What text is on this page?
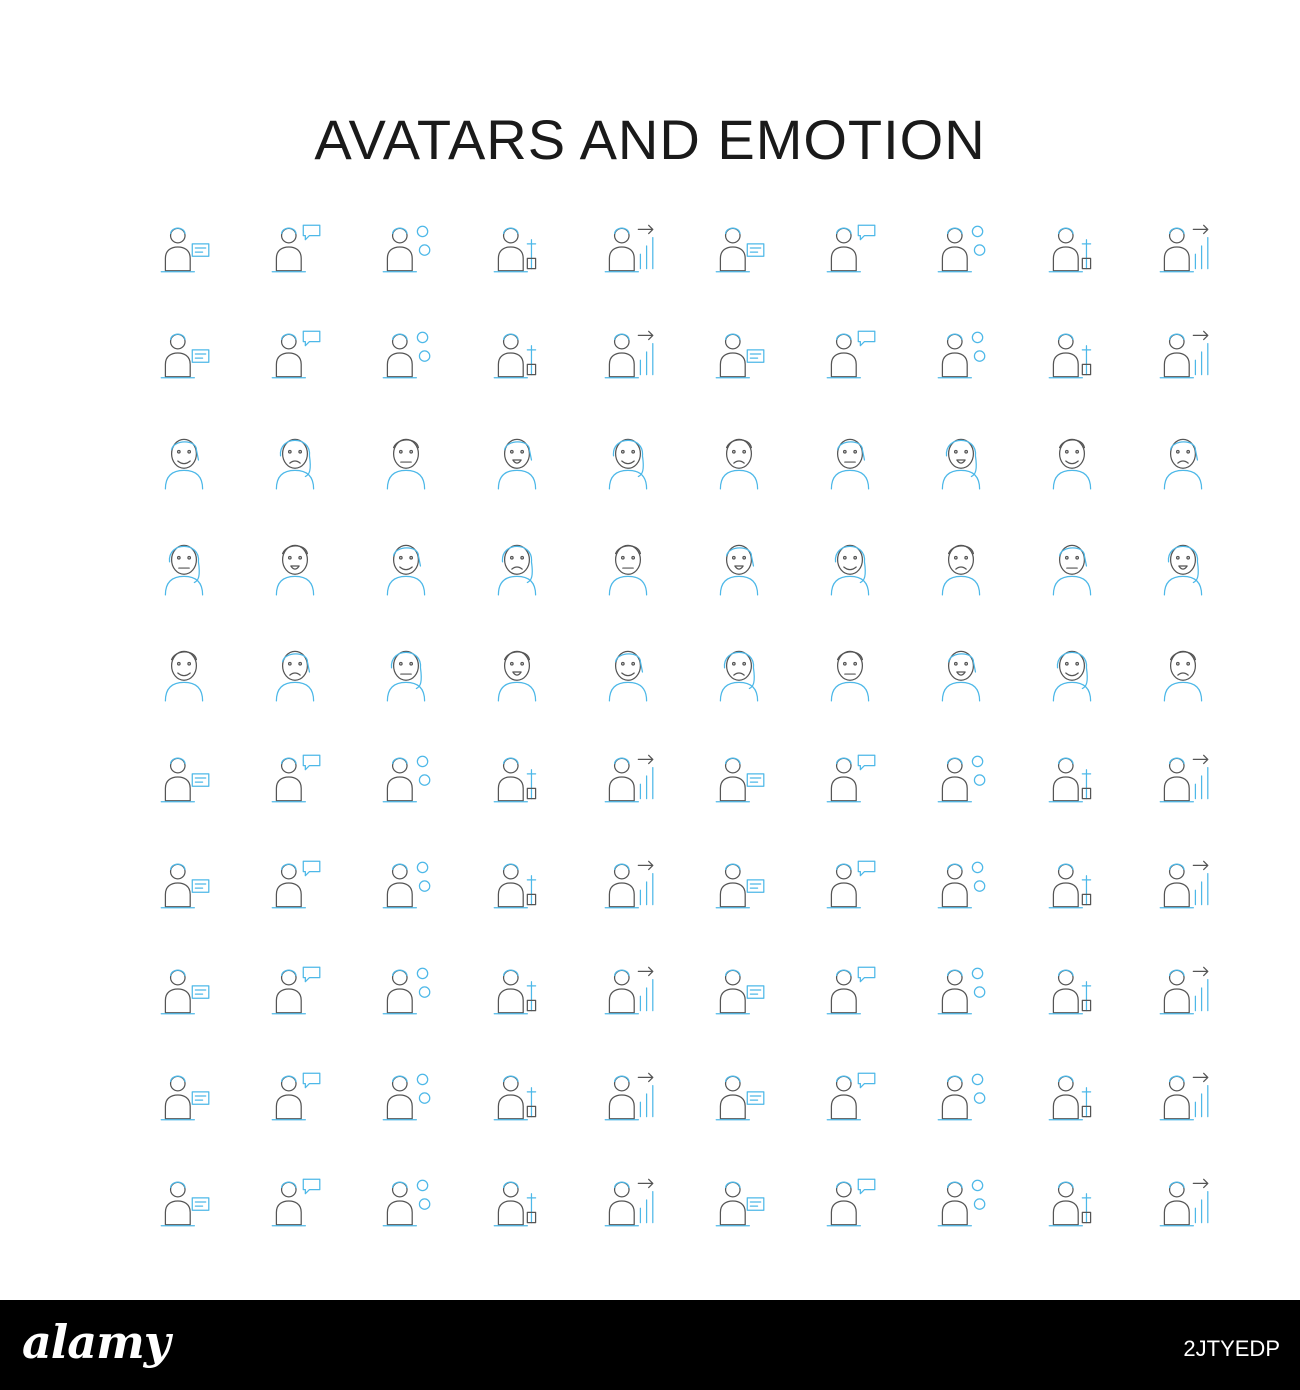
AVATARS AND EMOTION
alamy	2JTYEDP
